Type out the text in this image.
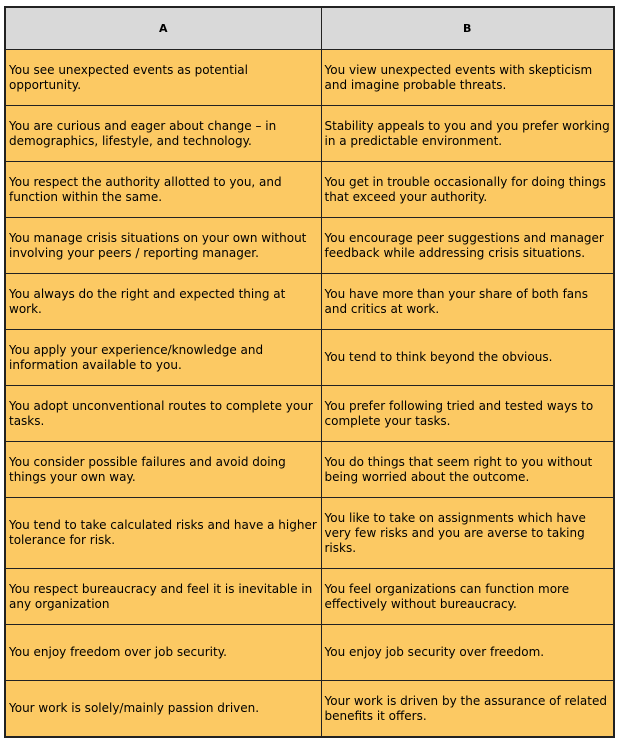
A	B
You see unexpected events as potential opportunity.	You view unexpected events with skepticism and imagine probable threats.
You are curious and eager about change – in demographics, lifestyle, and technology.	Stability appeals to you and you prefer working in a predictable environment.
You respect the authority allotted to you, and function within the same.	You get in trouble occasionally for doing things that exceed your authority.
You manage crisis situations on your own without involving your peers / reporting manager.	You encourage peer suggestions and manager feedback while addressing crisis situations.
You always do the right and expected thing at work.	You have more than your share of both fans and critics at work.
You apply your experience/knowledge and information available to you.	You tend to think beyond the obvious.
You adopt unconventional routes to complete your tasks.	You prefer following tried and tested ways to complete your tasks.
You consider possible failures and avoid doing things your own way.	You do things that seem right to you without being worried about the outcome.
You tend to take calculated risks and have a higher tolerance for risk.	You like to take on assignments which have very few risks and you are averse to taking risks.
You respect bureaucracy and feel it is inevitable in any organization	You feel organizations can function more effectively without bureaucracy.
You enjoy freedom over job security.	You enjoy job security over freedom.
Your work is solely/mainly passion driven.	Your work is driven by the assurance of related benefits it offers.
